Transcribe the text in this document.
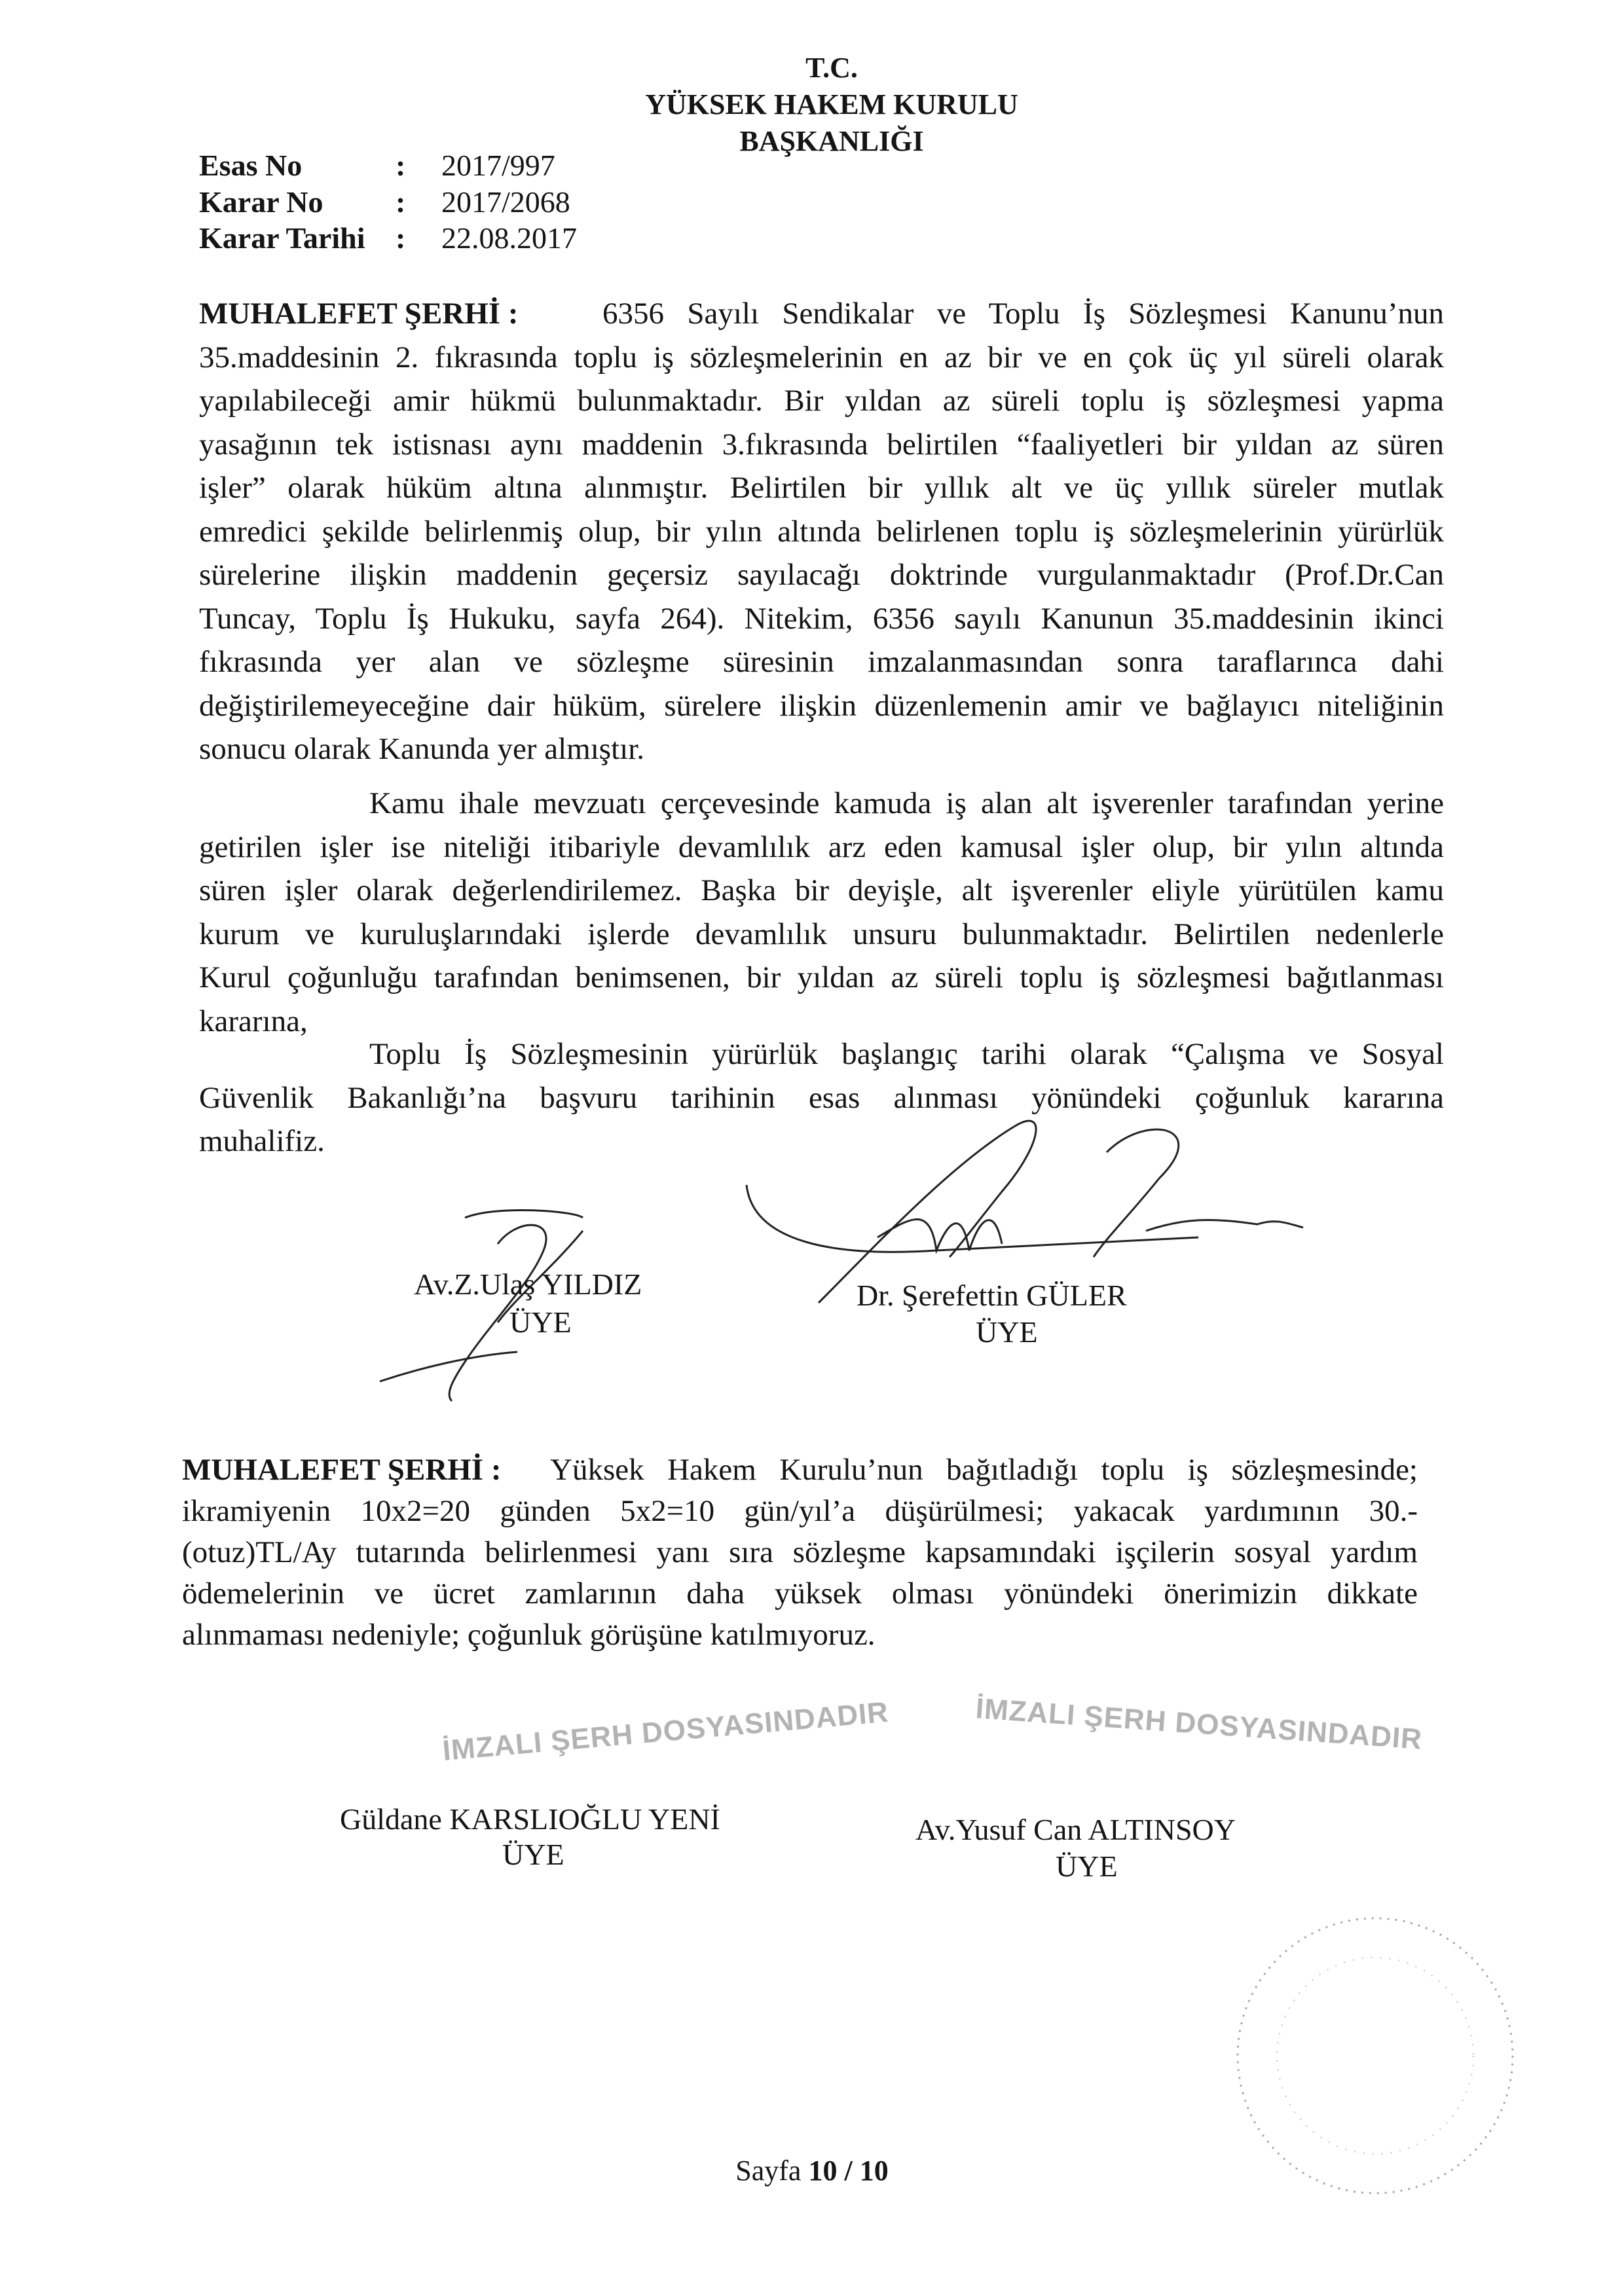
T.C.
YÜKSEK HAKEM KURULU
BAŞKANLIĞI
Esas No	: 2017/997
Karar No : 2017/2068
Karar Tarihi : 22.08.2017
MUHALEFET ŞERHİ :	6356 Sayılı Sendikalar ve Toplu İş Sözleşmesi Kanunu’nun
35.maddesinin 2. fıkrasında toplu iş sözleşmelerinin en az bir ve en çok üç yıl süreli olarak
yapılabileceği amir hükmü bulunmaktadır. Bir yıldan az süreli toplu iş sözleşmesi yapma
yasağının tek istisnası aynı maddenin 3.fıkrasında belirtilen “faaliyetleri bir yıldan az süren
işler” olarak hüküm altına alınmıştır. Belirtilen bir yıllık alt ve üç yıllık süreler mutlak
emredici şekilde belirlenmiş olup, bir yılın altında belirlenen toplu iş sözleşmelerinin yürürlük
sürelerine ilişkin maddenin geçersiz sayılacağı doktrinde vurgulanmaktadır (Prof.Dr.Can
Tuncay, Toplu İş Hukuku, sayfa 264). Nitekim, 6356 sayılı Kanunun 35.maddesinin ikinci
fıkrasında yer alan ve sözleşme süresinin imzalanmasından sonra taraflarınca dahi
değiştirilemeyeceğine dair hüküm, sürelere ilişkin düzenlemenin amir ve bağlayıcı niteliğinin
sonucu olarak Kanunda yer almıştır.
Kamu ihale mevzuatı çerçevesinde kamuda iş alan alt işverenler tarafından yerine
getirilen işler ise niteliği itibariyle devamlılık arz eden kamusal işler olup, bir yılın altında
süren işler olarak değerlendirilemez. Başka bir deyişle, alt işverenler eliyle yürütülen kamu
kurum ve kuruluşlarındaki işlerde devamlılık unsuru bulunmaktadır. Belirtilen nedenlerle
Kurul çoğunluğu tarafından benimsenen, bir yıldan az süreli toplu iş sözleşmesi bağıtlanması
kararına,
Toplu İş Sözleşmesinin yürürlük başlangıç tarihi olarak “Çalışma ve Sosyal
Güvenlik Bakanlığı’na başvuru tarihinin esas alınması yönündeki çoğunluk kararına
muhalifiz.
Av.Z.Ulaş YILDIZ
ÜYE
Dr. Şerefettin GÜLER
ÜYE
MUHALEFET ŞERHİ : Yüksek Hakem Kurulu’nun bağıtladığı toplu iş sözleşmesinde;
ikramiyenin 10x2=20 günden 5x2=10 gün/yıl’a düşürülmesi; yakacak yardımının 30.-
(otuz)TL/Ay tutarında belirlenmesi yanı sıra sözleşme kapsamındaki işçilerin sosyal yardım
ödemelerinin ve ücret zamlarının daha yüksek olması yönündeki önerimizin dikkate
alınmaması nedeniyle; çoğunluk görüşüne katılmıyoruz.
İMZALI ŞERH DOSYASINDADIR
İMZALI ŞERH DOSYASINDADIR
Güldane KARSLIOĞLU YENİ
ÜYE
Av.Yusuf Can ALTINSOY
ÜYE
Sayfa 10 / 10
